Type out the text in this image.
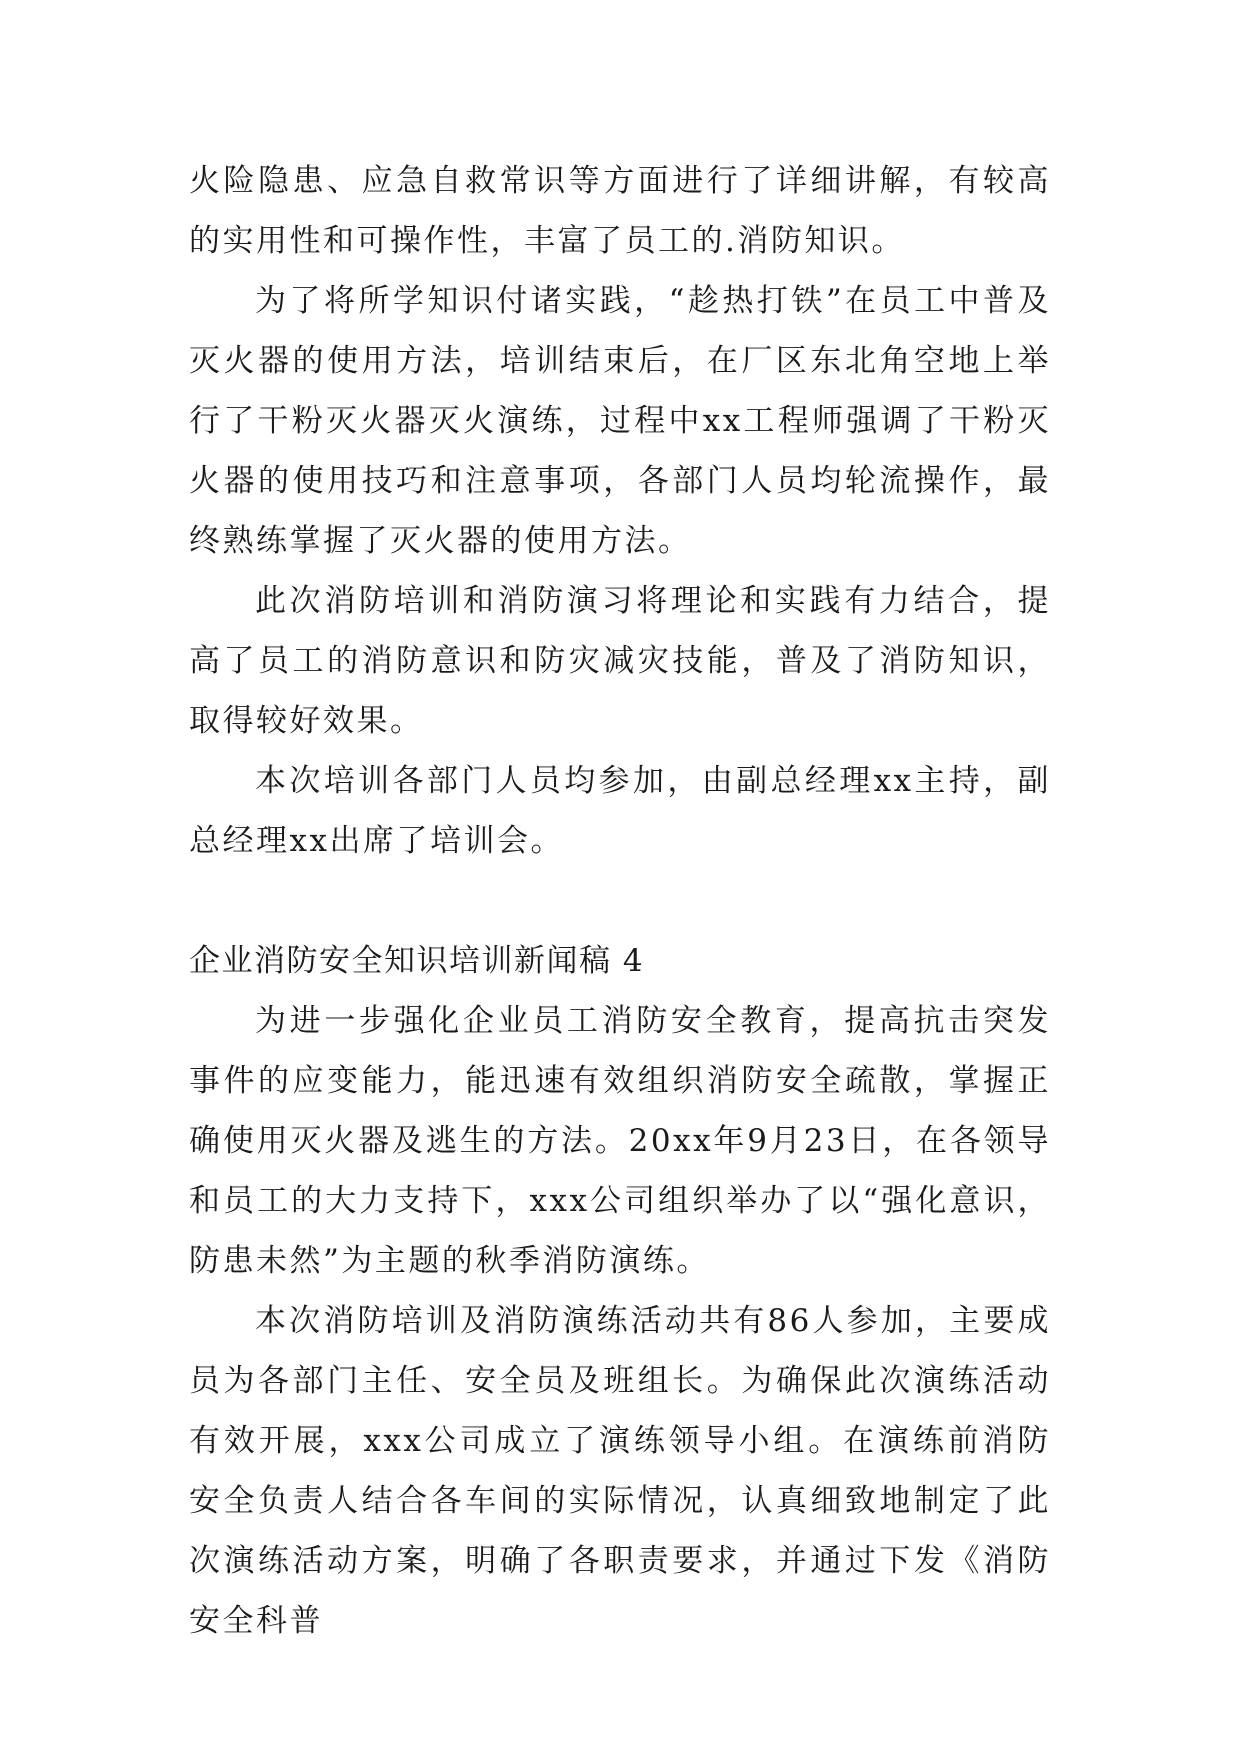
火险隐患、应急自救常识等方面进行了详细讲解，有较高的实用性和可操作性，丰富了员工的.消防知识。

为了将所学知识付诸实践，“趁热打铁”在员工中普及灭火器的使用方法，培训结束后，在厂区东北角空地上举行了干粉灭火器灭火演练，过程中xx工程师强调了干粉灭火器的使用技巧和注意事项，各部门人员均轮流操作，最终熟练掌握了灭火器的使用方法。

此次消防培训和消防演习将理论和实践有力结合，提高了员工的消防意识和防灾减灾技能，普及了消防知识，取得较好效果。

本次培训各部门人员均参加，由副总经理xx主持，副总经理xx出席了培训会。

企业消防安全知识培训新闻稿 4

为进一步强化企业员工消防安全教育，提高抗击突发事件的应变能力，能迅速有效组织消防安全疏散，掌握正确使用灭火器及逃生的方法。20xx年9月23日，在各领导和员工的大力支持下，xxx公司组织举办了以“强化意识，防患未然”为主题的秋季消防演练。

本次消防培训及消防演练活动共有86人参加，主要成员为各部门主任、安全员及班组长。为确保此次演练活动有效开展，xxx公司成立了演练领导小组。在演练前消防安全负责人结合各车间的实际情况，认真细致地制定了此次演练活动方案，明确了各职责要求，并通过下发《消防安全科普
